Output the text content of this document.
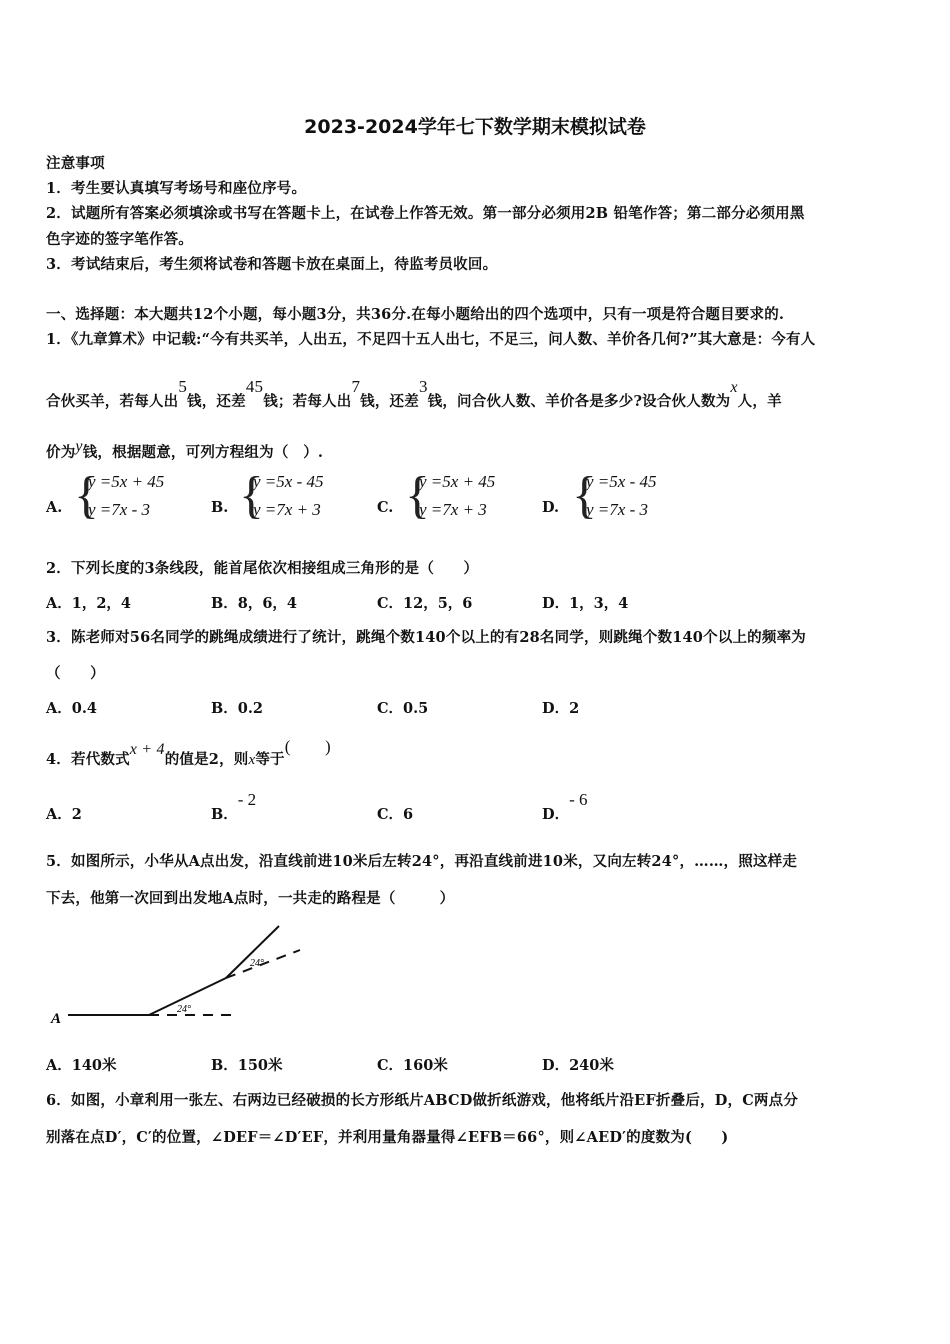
2023-2024学年七下数学期末模拟试卷
注意事项
1．考生要认真填写考场号和座位序号。
2．试题所有答案必须填涂或书写在答题卡上，在试卷上作答无效。第一部分必须用2B 铅笔作答；第二部分必须用黑
色字迹的签字笔作答。
3．考试结束后，考生须将试卷和答题卡放在桌面上，待监考员收回。
一、选择题：本大题共12个小题，每小题3分，共36分.在每小题给出的四个选项中，只有一项是符合题目要求的.
1．《九章算术》中记载:“今有共买羊，人出五，不足四十五人出七，不足三，问人数、羊价各几何?”其大意是：今有人
合伙买羊，若每人出5钱，还差45钱；若每人出7钱，还差3钱，问合伙人数、羊价各是多少?设合伙人数为x人，羊
价为y钱，根据题意，可列方程组为（　）.
A. {
y =5x + 45
y =7x - 3	B. {
y =5x - 45
y =7x + 3	C. {
y =5x + 45
y =7x + 3	D. {
y =5x - 45
y =7x - 3
2．下列长度的3条线段，能首尾依次相接组成三角形的是（　　）
A．1，2，4	B．8，6，4	C．12，5，6	D．1，3，4
3．陈老师对56名同学的跳绳成绩进行了统计，跳绳个数140个以上的有28名同学，则跳绳个数140个以上的频率为
（　　）
A．0.4	B．0.2	C．0.5	D．2
4．若代数式x + 4的值是2，则x等于(　　)
A．2	B．- 2
C．6	D．- 6
5．如图所示，小华从A点出发，沿直线前进10米后左转24°，再沿直线前进10米，又向左转24°，……，照这样走
下去，他第一次回到出发地A点时，一共走的路程是（　　　）
A
24°
24°
A．140米	B．150米	C．160米	D．240米
6．如图，小章利用一张左、右两边已经破损的长方形纸片ABCD做折纸游戏，他将纸片沿EF折叠后，D，C两点分
别落在点D′，C′的位置，∠DEF＝∠D′EF，并利用量角器量得∠EFB＝66°，则∠AED′的度数为(　　)
